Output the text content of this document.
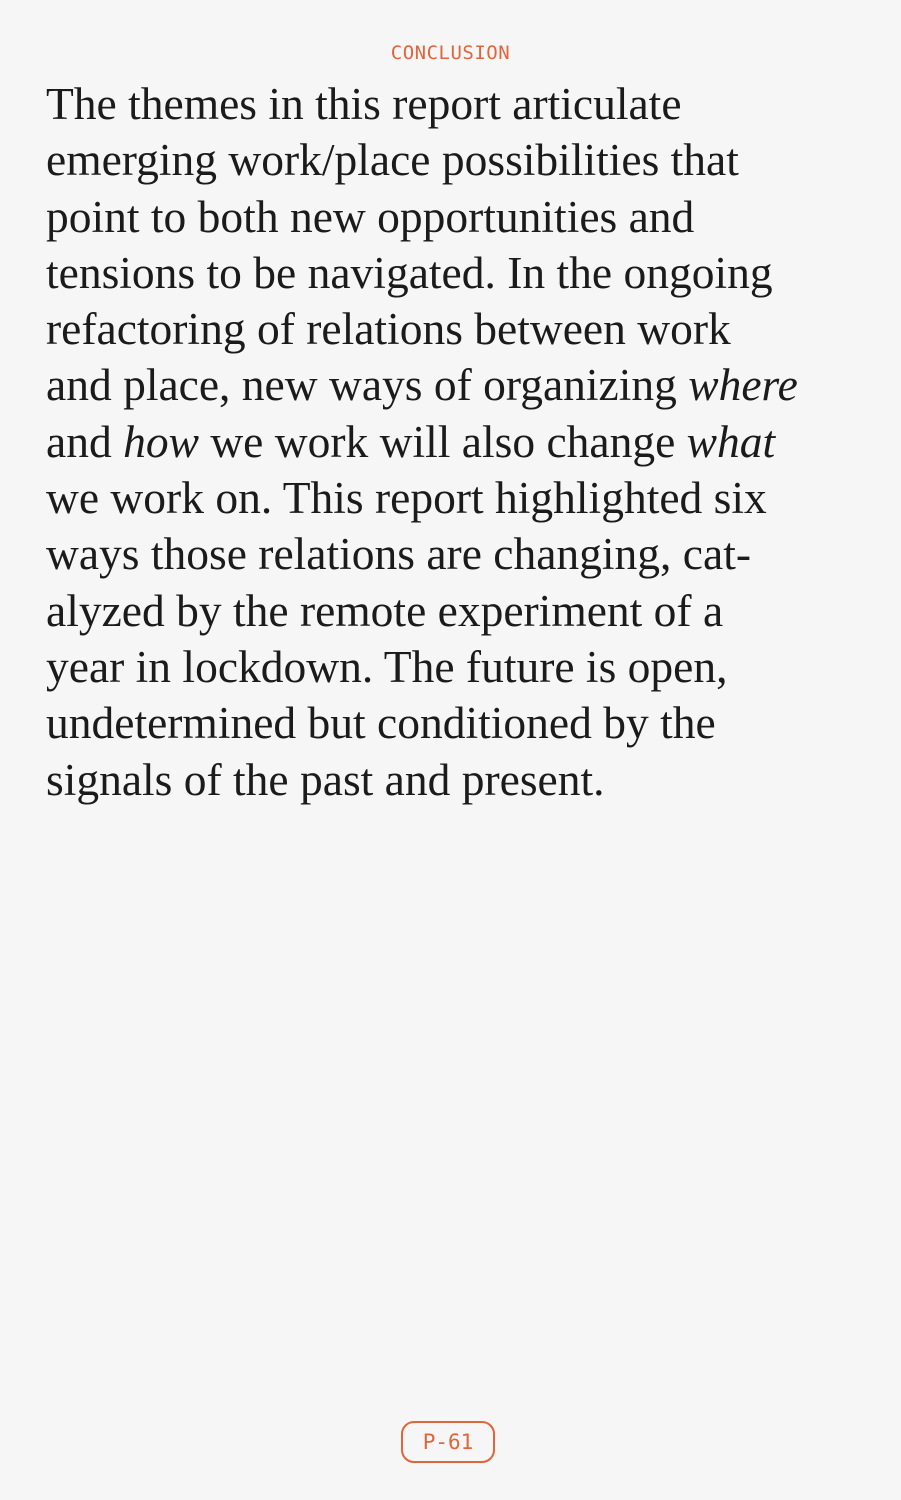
CONCLUSION

The themes in this report articulate
emerging work/place possibilities that
point to both new opportunities and
tensions to be navigated. In the ongoing
refactoring of relations between work
and place, new ways of organizing where
and how we work will also change what
we work on. This report highlighted six
ways those relations are changing, cat-
alyzed by the remote experiment of a
year in lockdown. The future is open,
undetermined but conditioned by the
signals of the past and present.

P-61
